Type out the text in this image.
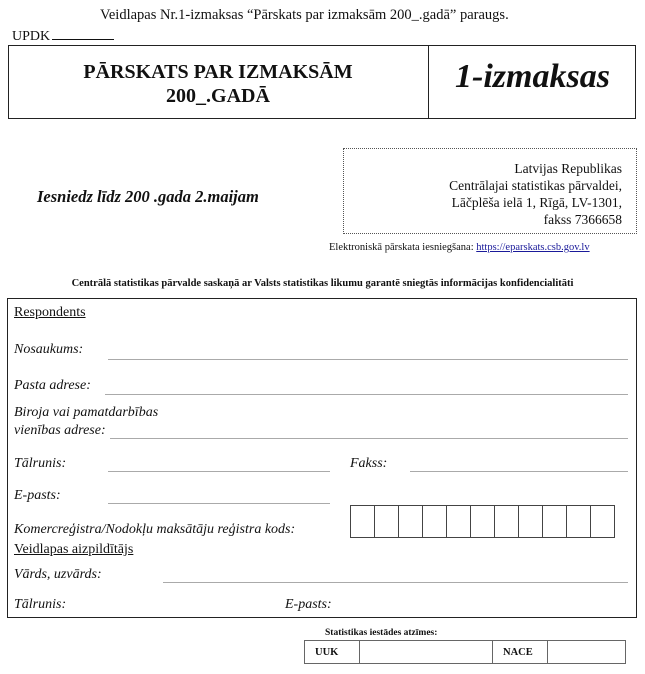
Veidlapas Nr.1-izmaksas “Pārskats par izmaksām 200_.gadā” paraugs.
UPDK
PĀRSKATS PAR IZMAKSĀM
200_.GADĀ
1-izmaksas
Iesniedz līdz 200 .gada 2.maijam
Latvijas Republikas
Centrālajai statistikas pārvaldei,
Lāčplēša ielā 1, Rīgā, LV-1301,
fakss 7366658
Elektroniskā pārskata iesniegšana: https://eparskats.csb.gov.lv
Centrālā statistikas pārvalde saskaņā ar Valsts statistikas likumu garantē sniegtās informācijas konfidencialitāti
Respondents
Nosaukums:
Pasta adrese:
Biroja vai pamatdarbības
vienības adrese:
Tālrunis:	Fakss:
E-pasts:
Komercreģistra/Nodokļu maksātāju reģistra kods:
Veidlapas aizpildītājs
Vārds, uzvārds:
Tālrunis:	E-pasts:
Statistikas iestādes atzīmes:
UUK	NACE
